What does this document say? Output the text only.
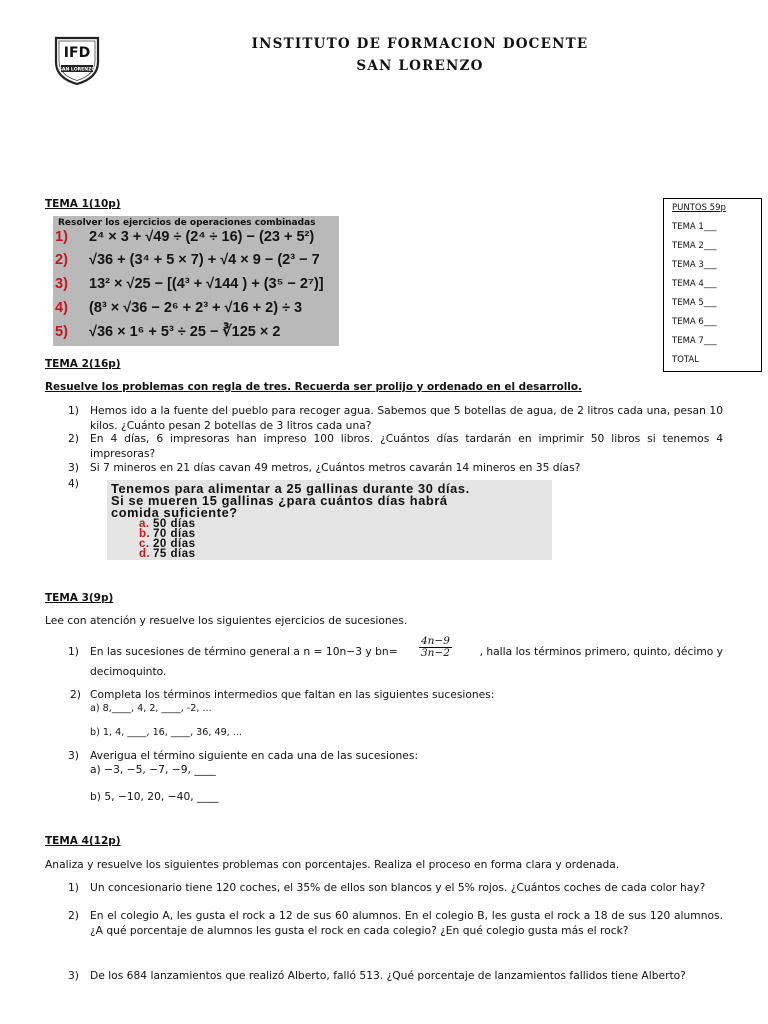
IFD
SAN LORENZO
INSTITUTO DE FORMACION DOCENTE
SAN LORENZO
PUNTOS 59p
TEMA 1___
TEMA 2___
TEMA 3___
TEMA 4___
TEMA 5___
TEMA 6___
TEMA 7___
TOTAL
TEMA 1(10p)
Resolver los ejercicios de operaciones combinadas
1) 2⁴ × 3 + √49 ÷ (2⁴ ÷ 16) − (23 + 5²)
2) √36 + (3⁴ + 5 × 7) + √4 × 9 − (2³ − 7
3) 13² × √25 − [(4³ + √144 ) + (3⁵ − 2⁷)]
4) (8³ × √36 − 2⁶ + 2³ + √16 + 2) ÷ 3
5) √36 × 1⁶ + 5³ ÷ 25 − ∛125 × 2
TEMA 2(16p)
Resuelve los problemas con regla de tres. Recuerda ser prolijo y ordenado en el desarrollo.
1) Hemos ido a la fuente del pueblo para recoger agua. Sabemos que 5 botellas de agua, de 2 litros cada una, pesan 10 kilos. ¿Cuánto pesan 2 botellas de 3 litros cada una?
2) En 4 días, 6 impresoras han impreso 100 libros. ¿Cuántos días tardarán en imprimir 50 libros si tenemos 4 impresoras?
3) Si 7 mineros en 21 días cavan 49 metros, ¿Cuántos metros cavarán 14 mineros en 35 días?
4)	Tenemos para alimentar a 25 gallinas durante 30 días.
Si se mueren 15 gallinas ¿para cuántos días habrá
comida suficiente?
a. 50 días
b. 70 días
c. 20 días
d. 75 días
TEMA 3(9p)
Lee con atención y resuelve los siguientes ejercicios de sucesiones.
1) En las sucesiones de término general a n = 10n−3 y bn=	$\frac{4n-9}{3n-2}$	, halla los términos primero, quinto, décimo y
decimoquinto.
2) Completa los términos intermedios que faltan en las siguientes sucesiones:
a) 8,____, 4, 2, ____, -2, ...
b) 1, 4, ____, 16, ____, 36, 49, ...
3) Averigua el término siguiente en cada una de las sucesiones:
a) −3, −5, −7, −9, ____
b) 5, −10, 20, −40, ____
TEMA 4(12p)
Analiza y resuelve los siguientes problemas con porcentajes. Realiza el proceso en forma clara y ordenada.
1) Un concesionario tiene 120 coches, el 35% de ellos son blancos y el 5% rojos. ¿Cuántos coches de cada color hay?
2) En el colegio A, les gusta el rock a 12 de sus 60 alumnos. En el colegio B, les gusta el rock a 18 de sus 120 alumnos. ¿A qué porcentaje de alumnos les gusta el rock en cada colegio? ¿En qué colegio gusta más el rock?
3) De los 684 lanzamientos que realizó Alberto, falló 513. ¿Qué porcentaje de lanzamientos fallidos tiene Alberto?
